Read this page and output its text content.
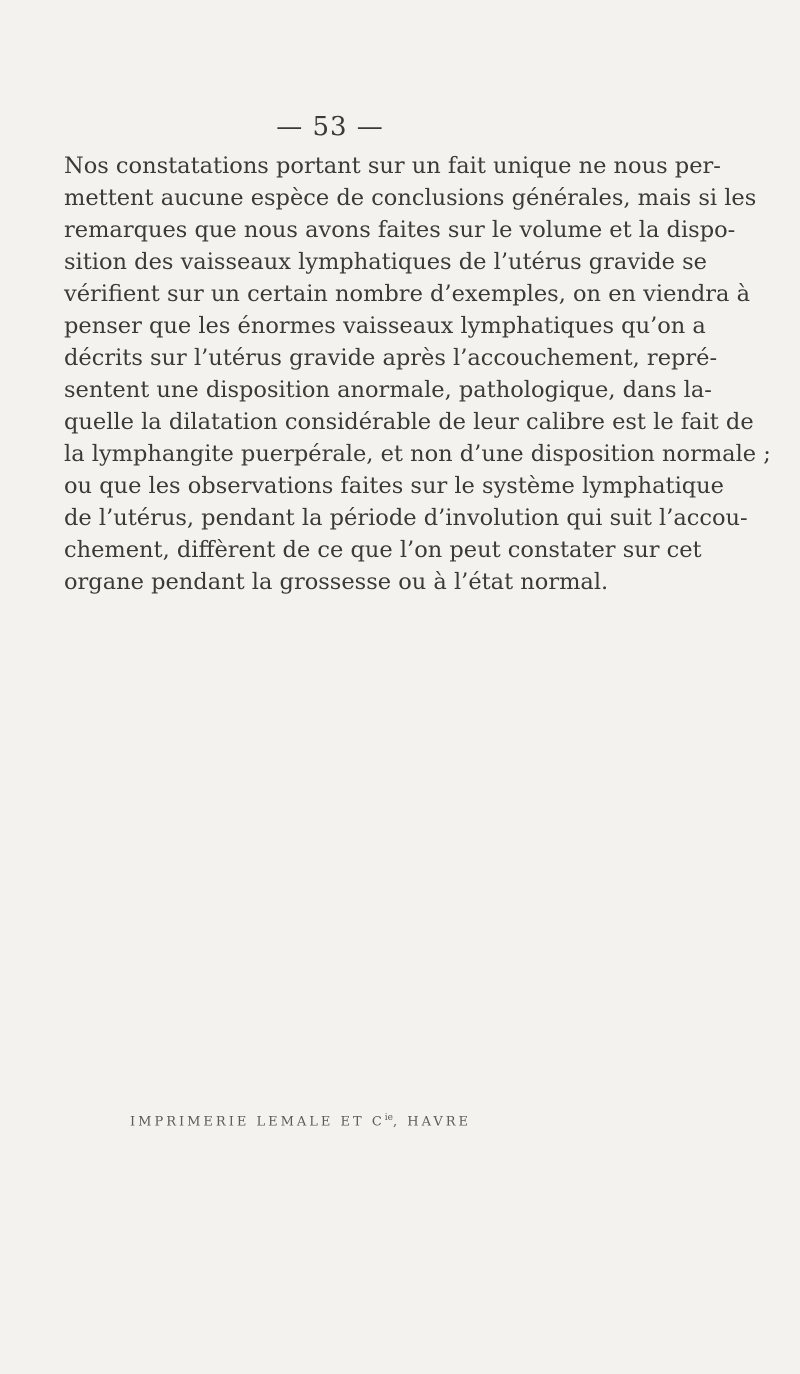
— 53 —
Nos constatations portant sur un fait unique ne nous per-
mettent aucune espèce de conclusions générales, mais si les
remarques que nous avons faites sur le volume et la dispo-
sition des vaisseaux lymphatiques de l’utérus gravide se
vérifient sur un certain nombre d’exemples, on en viendra à
penser que les énormes vaisseaux lymphatiques qu’on a
décrits sur l’utérus gravide après l’accouchement, repré-
sentent une disposition anormale, pathologique, dans la-
quelle la dilatation considérable de leur calibre est le fait de
la lymphangite puerpérale, et non d’une disposition normale ;
ou que les observations faites sur le système lymphatique
de l’utérus, pendant la période d’involution qui suit l’accou-
chement, diffèrent de ce que l’on peut constater sur cet
organe pendant la grossesse ou à l’état normal.
IMPRIMERIE LEMALE ET $C^{ie}$, HAVRE
